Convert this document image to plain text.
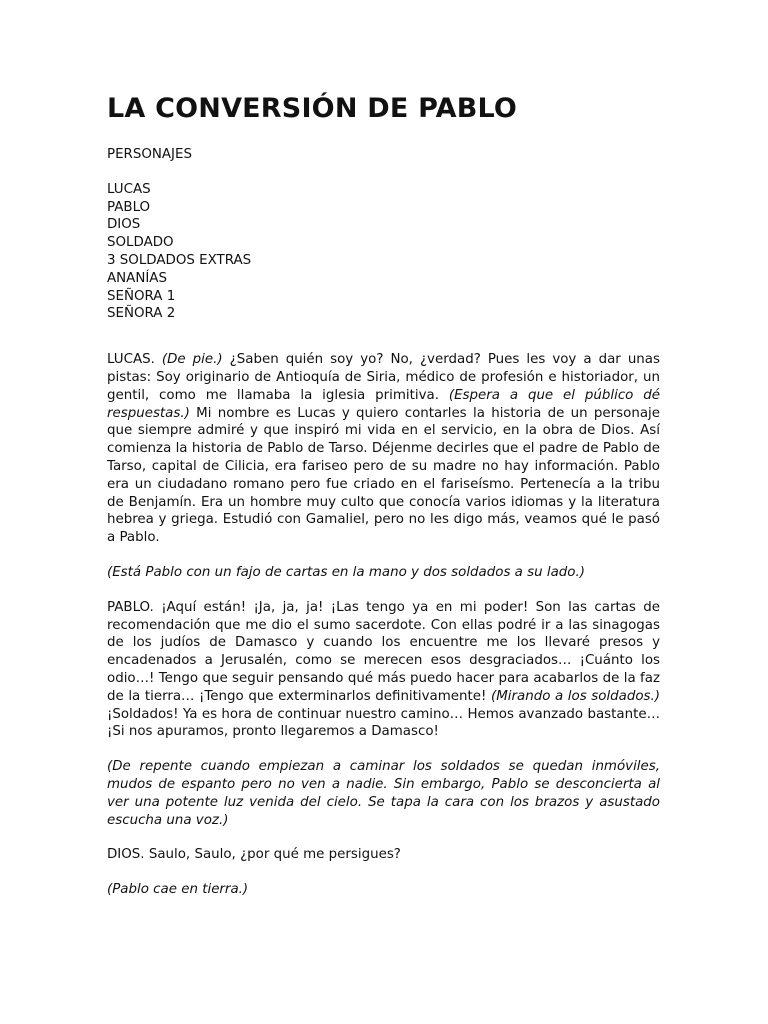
LA CONVERSIÓN DE PABLO
PERSONAJES
LUCAS
PABLO
DIOS
SOLDADO
3 SOLDADOS EXTRAS
ANANÍAS
SEÑORA 1
SEÑORA 2

LUCAS. (De pie.) ¿Saben quién soy yo? No, ¿verdad? Pues les voy a dar unas pistas: Soy originario de Antioquía de Siria, médico de profesión e historiador, un gentil, como me llamaba la iglesia primitiva. (Espera a que el público dé respuestas.) Mi nombre es Lucas y quiero contarles la historia de un personaje que siempre admiré y que inspiró mi vida en el servicio, en la obra de Dios. Así comienza la historia de Pablo de Tarso. Déjenme decirles que el padre de Pablo de Tarso, capital de Cilicia, era fariseo pero de su madre no hay información. Pablo era un ciudadano romano pero fue criado en el fariseísmo. Pertenecía a la tribu de Benjamín. Era un hombre muy culto que conocía varios idiomas y la literatura hebrea y griega. Estudió con Gamaliel, pero no les digo más, veamos qué le pasó a Pablo.

(Está Pablo con un fajo de cartas en la mano y dos soldados a su lado.)

PABLO. ¡Aquí están! ¡Ja, ja, ja! ¡Las tengo ya en mi poder! Son las cartas de recomendación que me dio el sumo sacerdote. Con ellas podré ir a las sinagogas de los judíos de Damasco y cuando los encuentre me los llevaré presos y encadenados a Jerusalén, como se merecen esos desgraciados… ¡Cuánto los odio…! Tengo que seguir pensando qué más puedo hacer para acabarlos de la faz de la tierra… ¡Tengo que exterminarlos definitivamente! (Mirando a los soldados.) ¡Soldados! Ya es hora de continuar nuestro camino… Hemos avanzado bastante… ¡Si nos apuramos, pronto llegaremos a Damasco!

(De repente cuando empiezan a caminar los soldados se quedan inmóviles, mudos de espanto pero no ven a nadie. Sin embargo, Pablo se desconcierta al ver una potente luz venida del cielo. Se tapa la cara con los brazos y asustado escucha una voz.)

DIOS. Saulo, Saulo, ¿por qué me persigues?

(Pablo cae en tierra.)
